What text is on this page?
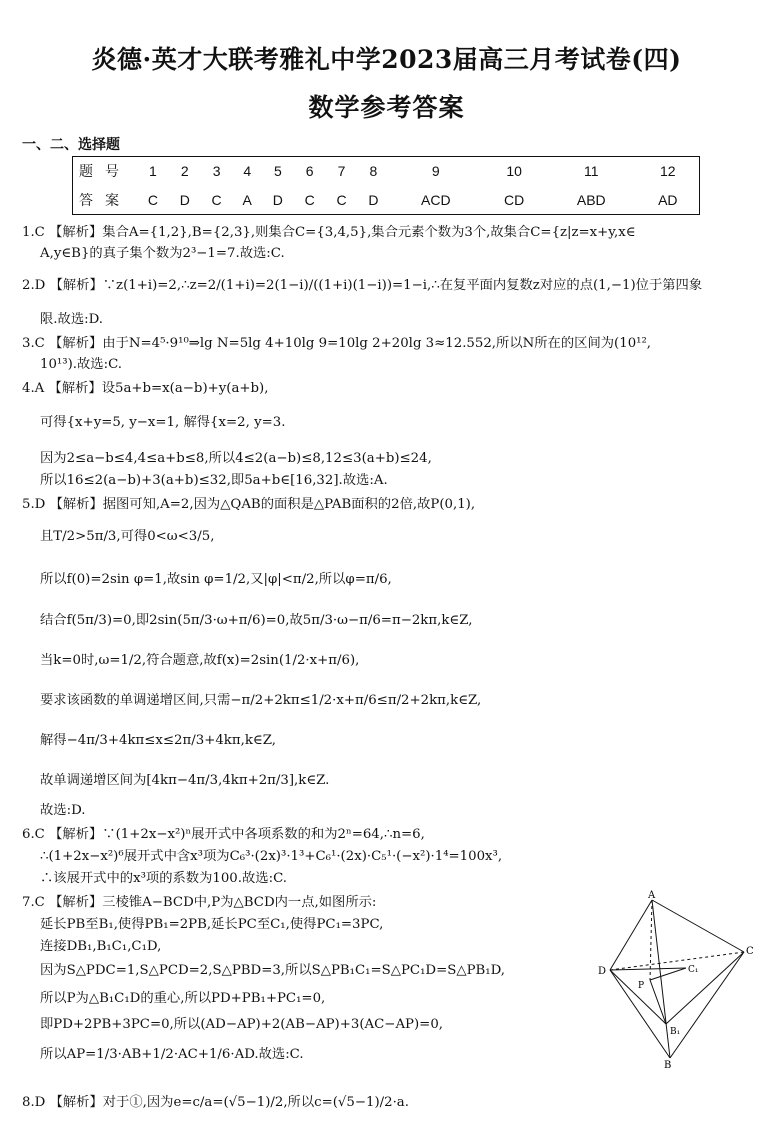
炎德·英才大联考雅礼中学2023届高三月考试卷(四)
数学参考答案
一、二、选择题
题号	1	2	3	4	5	6	7	8	9	10	11	12
答案	C	D	C	A	D	C	C	D	ACD	CD	ABD	AD
1.C 【解析】集合A={1,2},B={2,3},则集合C={3,4,5},集合元素个数为3个,故集合C={z|z=x+y,x∈
A,y∈B}的真子集个数为2³−1=7.故选:C.
2.D 【解析】∵z(1+i)=2,∴z=2/(1+i)=2(1−i)/((1+i)(1−i))=1−i,∴在复平面内复数z对应的点(1,−1)位于第四象
限.故选:D.
3.C 【解析】由于N=4⁵·9¹⁰⇒lg N=5lg 4+10lg 9=10lg 2+20lg 3≈12.552,所以N所在的区间为(10¹²,
10¹³).故选:C.
4.A 【解析】设5a+b=x(a−b)+y(a+b),
可得{x+y=5, y−x=1, 解得{x=2, y=3.
因为2≤a−b≤4,4≤a+b≤8,所以4≤2(a−b)≤8,12≤3(a+b)≤24,
所以16≤2(a−b)+3(a+b)≤32,即5a+b∈[16,32].故选:A.
5.D 【解析】据图可知,A=2,因为△QAB的面积是△PAB面积的2倍,故P(0,1),
且T/2>5π/3,可得0<ω<3/5,
所以f(0)=2sin φ=1,故sin φ=1/2,又|φ|<π/2,所以φ=π/6,
结合f(5π/3)=0,即2sin(5π/3·ω+π/6)=0,故5π/3·ω−π/6=π−2kπ,k∈Z,
当k=0时,ω=1/2,符合题意,故f(x)=2sin(1/2·x+π/6),
要求该函数的单调递增区间,只需−π/2+2kπ≤1/2·x+π/6≤π/2+2kπ,k∈Z,
解得−4π/3+4kπ≤x≤2π/3+4kπ,k∈Z,
故单调递增区间为[4kπ−4π/3,4kπ+2π/3],k∈Z.
故选:D.
6.C 【解析】∵(1+2x−x²)ⁿ展开式中各项系数的和为2ⁿ=64,∴n=6,
∴(1+2x−x²)⁶展开式中含x³项为C₆³·(2x)³·1³+C₆¹·(2x)·C₅¹·(−x²)·1⁴=100x³,
∴该展开式中的x³项的系数为100.故选:C.
7.C 【解析】三棱锥A−BCD中,P为△BCD内一点,如图所示:
延长PB至B₁,使得PB₁=2PB,延长PC至C₁,使得PC₁=3PC,
连接DB₁,B₁C₁,C₁D,
因为S△PDC=1,S△PCD=2,S△PBD=3,所以S△PB₁C₁=S△PC₁D=S△PB₁D,
所以P为△B₁C₁D的重心,所以PD+PB₁+PC₁=0,
即PD+2PB+3PC=0,所以(AD−AP)+2(AB−AP)+3(AC−AP)=0,
所以AP=1/3·AB+1/2·AC+1/6·AD.故选:C.
8.D 【解析】对于①,因为e=c/a=(√5−1)/2,所以c=(√5−1)/2·a.
A
D
B
C
P
B₁
C₁
